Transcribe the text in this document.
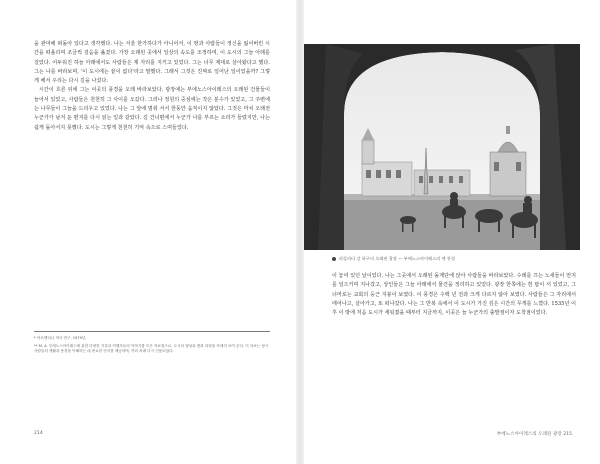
을 관여해 떠돌아 있다고 생각했다. 나는 서울 한가하다가 아니어서, 이 땅과 사람들이 정신을 잃어버린 시간을 떠올리며 조금씩 걸음을 옮겼다. 가장 오래된 곳에서 일상의 속도를 조정하며, 이 도시의 그늘 아래를 걸었다. 어두워진 하늘 아래에서도 사람들은 제 자리를 지키고 있었다. 그는 너무 제대로 살아왔다고 했다. 그는 나를 바라보며, '이 도시에는 끝이 없다'라고 말했다. 그래서 그것은 진짜로 일어난 일이었을까? 그렇게 해서 우리는 다시 길을 나섰다.

시간이 흐른 뒤에 그는 이곳의 풍경을 오래 바라보았다. 광장에는 부에노스아이레스의 오래된 건물들이 늘어서 있었고, 사람들은 천천히 그 사이를 오갔다. 그러나 정원의 중심에는 작은 분수가 있었고, 그 주변에는 나무들이 그늘을 드리우고 있었다. 나는 그 앞에 멈춰 서서 한동안 움직이지 않았다. 그것은 마치 오래전 누군가가 남겨 둔 편지를 다시 읽는 일과 같았다. 길 건너편에서 누군가 나를 부르는 소리가 들렸지만, 나는 쉽게 돌아서지 못했다. 도시는 그렇게 천천히 기억 속으로 스며들었다.

* 아르헨티나 역사 연구, 1979년.

** M. A. 부에노스아이레스에 관한 다양한 기록과 여행자들의 이야기를 모은 자료집으로, 도시의 형성과 변화 과정을 자세히 보여 준다. 이 자료는 당시 사람들의 생활과 풍경을 이해하는 데 중요한 단서를 제공하며, 여러 차례 다시 인용되었다.

214
라플라타 강 하구의 오래된 광장 — 부에노스아이레스의 옛 풍경

이 놓여 있던 날이었다. 나는 그곳에서 오래된 돌계단에 앉아 사람들을 바라보았다. 수레를 끄는 노새들이 먼지를 일으키며 지나갔고, 상인들은 그늘 아래에서 물건을 정리하고 있었다. 광장 한쪽에는 흰 탑이 서 있었고, 그 너머로는 교회의 둥근 지붕이 보였다. 이 풍경은 수백 년 전과 크게 다르지 않아 보였다. 사람들은 그 자리에서 태어나고, 살아가고, 또 떠나갔다. 나는 그 반복 속에서 이 도시가 가진 깊은 시간의 무게를 느꼈다. 1535년 이후 이 땅에 처음 도시가 세워졌을 때부터 지금까지, 이곳은 늘 누군가의 출발점이자 도착점이었다.

부에노스아이레스의 오래된 광장 215
